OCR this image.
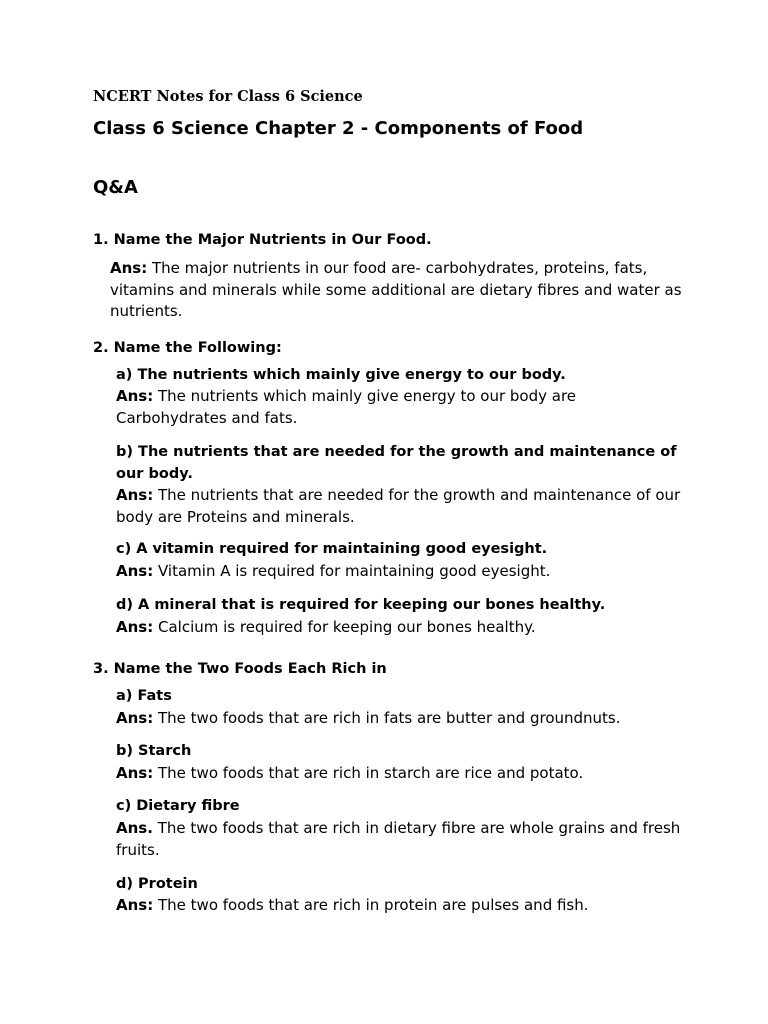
NCERT Notes for Class 6 Science
Class 6 Science Chapter 2 - Components of Food
Q&A
1. Name the Major Nutrients in Our Food.
Ans: The major nutrients in our food are- carbohydrates, proteins, fats, vitamins and minerals while some additional are dietary fibres and water as nutrients.
2. Name the Following:
a) The nutrients which mainly give energy to our body.
Ans: The nutrients which mainly give energy to our body are Carbohydrates and fats.
b) The nutrients that are needed for the growth and maintenance of our body.
Ans: The nutrients that are needed for the growth and maintenance of our body are Proteins and minerals.
c) A vitamin required for maintaining good eyesight.
Ans: Vitamin A is required for maintaining good eyesight.
d) A mineral that is required for keeping our bones healthy.
Ans: Calcium is required for keeping our bones healthy.
3. Name the Two Foods Each Rich in
a) Fats
Ans: The two foods that are rich in fats are butter and groundnuts.
b) Starch
Ans: The two foods that are rich in starch are rice and potato.
c) Dietary fibre
Ans. The two foods that are rich in dietary fibre are whole grains and fresh fruits.
d) Protein
Ans: The two foods that are rich in protein are pulses and fish.
